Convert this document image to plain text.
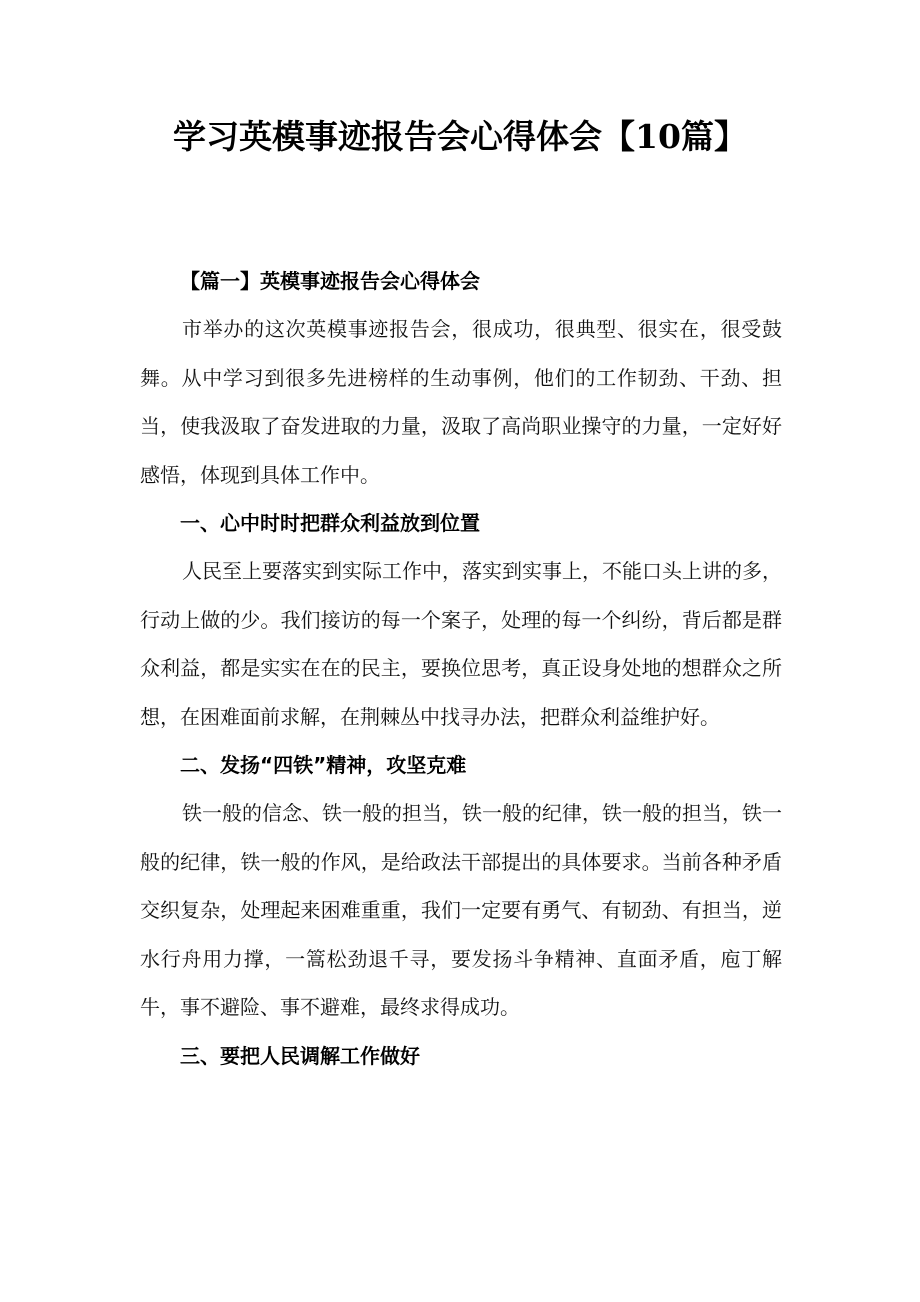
学习英模事迹报告会心得体会【10篇】

【篇一】英模事迹报告会心得体会

市举办的这次英模事迹报告会，很成功，很典型、很实在，很受鼓舞。从中学习到很多先进榜样的生动事例，他们的工作韧劲、干劲、担当，使我汲取了奋发进取的力量，汲取了高尚职业操守的力量，一定好好感悟，体现到具体工作中。

一、心中时时把群众利益放到位置

人民至上要落实到实际工作中，落实到实事上，不能口头上讲的多，行动上做的少。我们接访的每一个案子，处理的每一个纠纷，背后都是群众利益，都是实实在在的民主，要换位思考，真正设身处地的想群众之所想，在困难面前求解，在荆棘丛中找寻办法，把群众利益维护好。

二、发扬“四铁”精神，攻坚克难

铁一般的信念、铁一般的担当，铁一般的纪律，铁一般的担当，铁一般的纪律，铁一般的作风，是给政法干部提出的具体要求。当前各种矛盾交织复杂，处理起来困难重重，我们一定要有勇气、有韧劲、有担当，逆水行舟用力撑，一篙松劲退千寻，要发扬斗争精神、直面矛盾，庖丁解牛，事不避险、事不避难，最终求得成功。

三、要把人民调解工作做好
